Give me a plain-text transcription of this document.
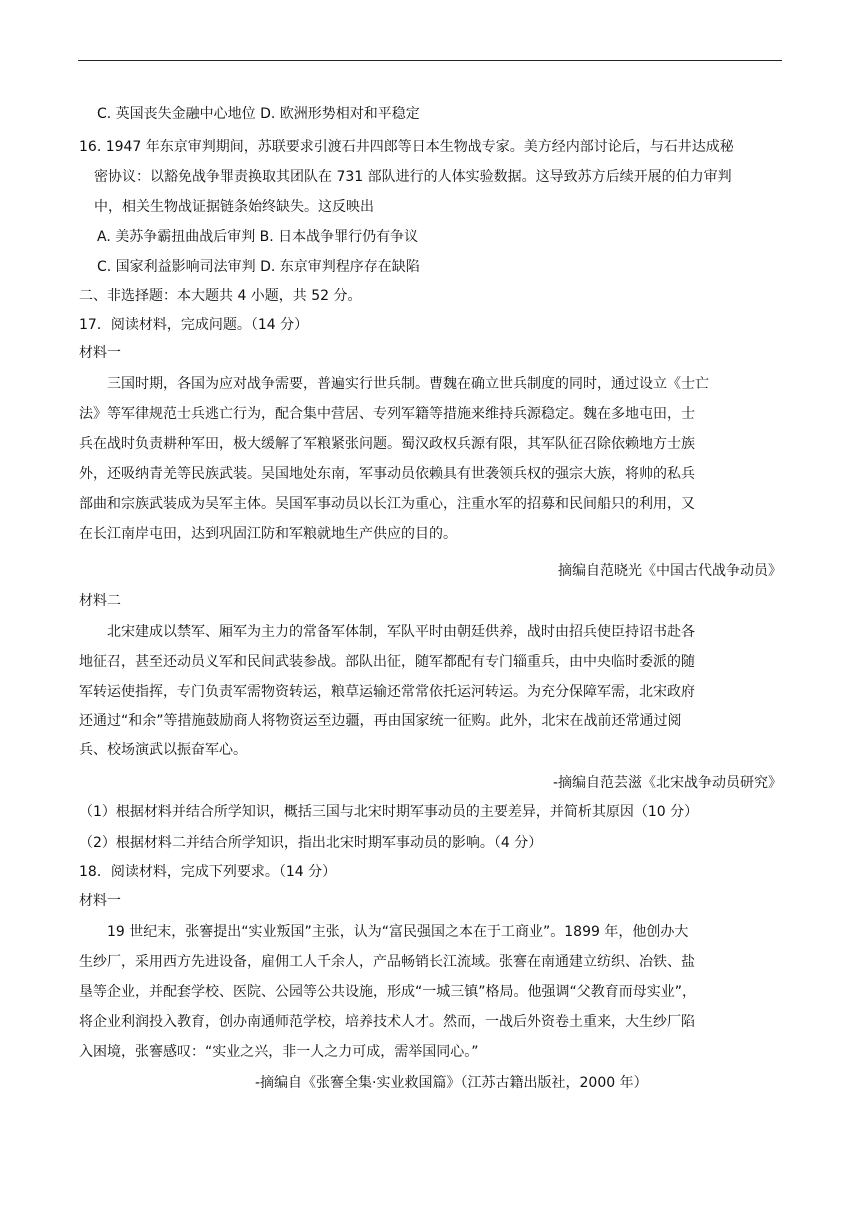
C. 英国丧失金融中心地位 D. 欧洲形势相对和平稳定
16. 1947 年东京审判期间，苏联要求引渡石井四郎等日本生物战专家。美方经内部讨论后，与石井达成秘
密协议：以豁免战争罪责换取其团队在 731 部队进行的人体实验数据。这导致苏方后续开展的伯力审判
中，相关生物战证据链条始终缺失。这反映出
A. 美苏争霸扭曲战后审判 B. 日本战争罪行仍有争议
C. 国家利益影响司法审判 D. 东京审判程序存在缺陷
二、非选择题：本大题共 4 小题，共 52 分。
17．阅读材料，完成问题。（14 分）
材料一
三国时期，各国为应对战争需要，普遍实行世兵制。曹魏在确立世兵制度的同时，通过设立《士亡
法》等军律规范士兵逃亡行为，配合集中营居、专列军籍等措施来维持兵源稳定。魏在多地屯田，士
兵在战时负责耕种军田，极大缓解了军粮紧张问题。蜀汉政权兵源有限，其军队征召除依赖地方士族
外，还吸纳青羌等民族武装。吴国地处东南，军事动员依赖具有世袭领兵权的强宗大族，将帅的私兵
部曲和宗族武装成为吴军主体。吴国军事动员以长江为重心，注重水军的招募和民间船只的利用，又
在长江南岸屯田，达到巩固江防和军粮就地生产供应的目的。
摘编自范晓光《中国古代战争动员》
材料二
北宋建成以禁军、厢军为主力的常备军体制，军队平时由朝廷供养，战时由招兵使臣持诏书赴各
地征召，甚至还动员义军和民间武装参战。部队出征，随军都配有专门辎重兵，由中央临时委派的随
军转运使指挥，专门负责军需物资转运，粮草运输还常常依托运河转运。为充分保障军需，北宋政府
还通过“和余”等措施鼓励商人将物资运至边疆，再由国家统一征购。此外，北宋在战前还常通过阅
兵、校场演武以振奋军心。
-摘编自范芸滋《北宋战争动员研究》
（1）根据材料并结合所学知识，概括三国与北宋时期军事动员的主要差异，并简析其原因（10 分）
（2）根据材料二并结合所学知识，指出北宋时期军事动员的影响。（4 分）
18．阅读材料，完成下列要求。（14 分）
材料一
19 世纪末，张謇提出“实业叛国”主张，认为“富民强国之本在于工商业”。1899 年，他创办大
生纱厂，采用西方先进设备，雇佣工人千余人，产品畅销长江流域。张謇在南通建立纺织、冶铁、盐
垦等企业，并配套学校、医院、公园等公共设施，形成“一城三镇”格局。他强调“父教育而母实业”，
将企业利润投入教育，创办南通师范学校，培养技术人才。然而，一战后外资卷土重来，大生纱厂陷
入困境，张謇感叹：“实业之兴，非一人之力可成，需举国同心。”
-摘编自《张謇全集·实业救国篇》（江苏古籍出版社，2000 年）
